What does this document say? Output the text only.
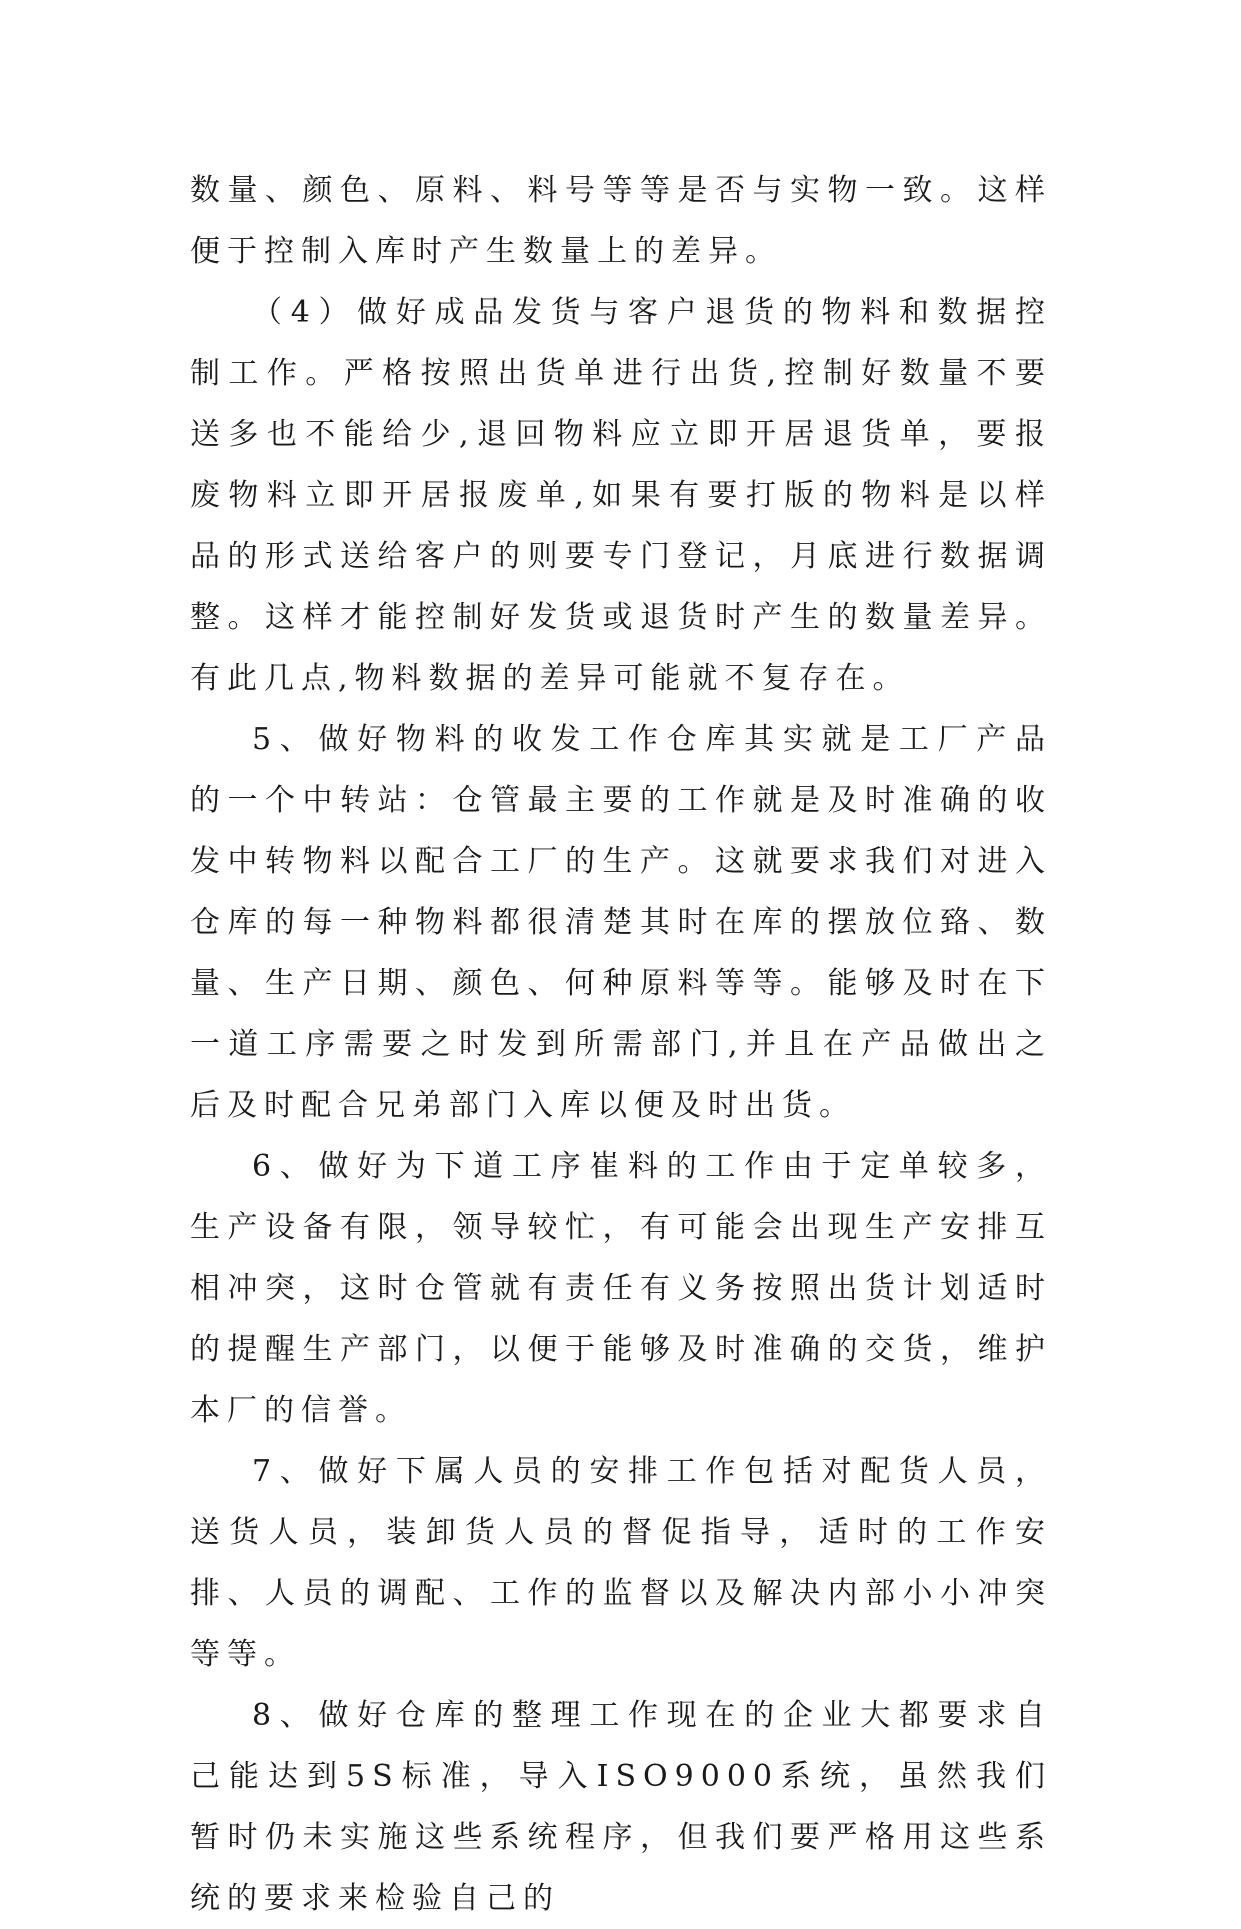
数量、颜色、原料、料号等等是否与实物一致。这样便于控制入库时产生数量上的差异。

（4）做好成品发货与客户退货的物料和数据控制工作。严格按照出货单进行出货,控制好数量不要送多也不能给少,退回物料应立即开居退货单，要报废物料立即开居报废单,如果有要打版的物料是以样品的形式送给客户的则要专门登记，月底进行数据调整。这样才能控制好发货或退货时产生的数量差异。有此几点,物料数据的差异可能就不复存在。

5、做好物料的收发工作仓库其实就是工厂产品的一个中转站：仓管最主要的工作就是及时准确的收发中转物料以配合工厂的生产。这就要求我们对进入仓库的每一种物料都很清楚其时在库的摆放位臵、数量、生产日期、颜色、何种原料等等。能够及时在下一道工序需要之时发到所需部门,并且在产品做出之后及时配合兄弟部门入库以便及时出货。

6、做好为下道工序崔料的工作由于定单较多，生产设备有限，领导较忙，有可能会出现生产安排互相冲突，这时仓管就有责任有义务按照出货计划适时的提醒生产部门，以便于能够及时准确的交货，维护本厂的信誉。

7、做好下属人员的安排工作包括对配货人员，送货人员，装卸货人员的督促指导，适时的工作安排、人员的调配、工作的监督以及解决内部小小冲突等等。

8、做好仓库的整理工作现在的企业大都要求自己能达到5S标准，导入ISO9000系统，虽然我们暂时仍未实施这些系统程序，但我们要严格用这些系统的要求来检验自己的
